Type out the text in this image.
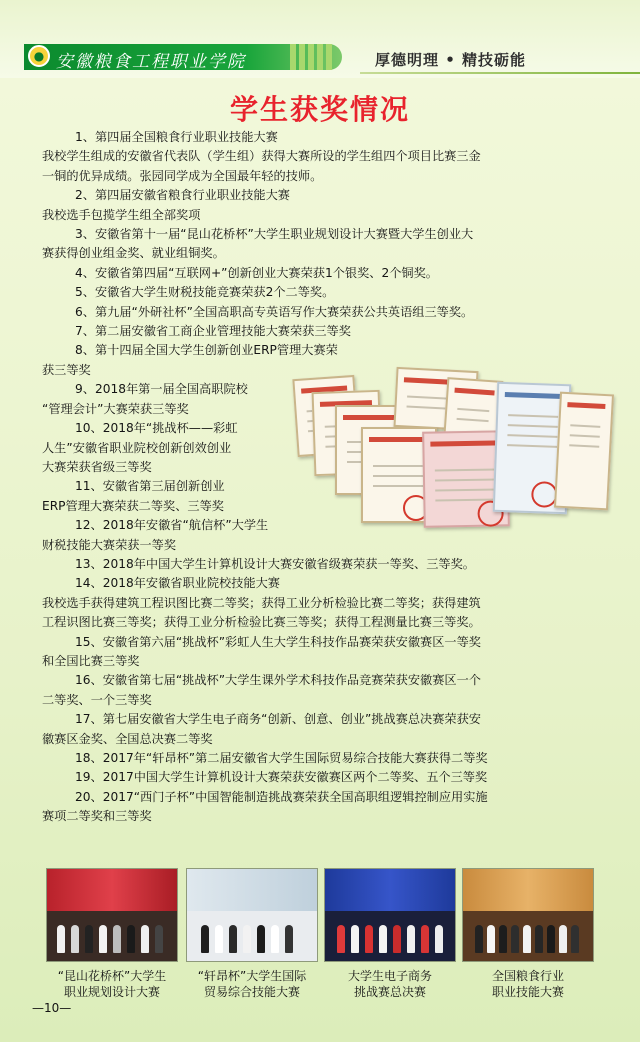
● 安徽粮食工程职业学院	厚德明理 • 精技砺能
学生获奖情况

1、第四届全国粮食行业职业技能大赛

我校学生组成的安徽省代表队（学生组）获得大赛所设的学生组四个项目比赛三金

一铜的优异成绩。张园同学成为全国最年轻的技师。

2、第四届安徽省粮食行业职业技能大赛

我校选手包揽学生组全部奖项

3、安徽省第十一届“昆山花桥杯”大学生职业规划设计大赛暨大学生创业大

赛获得创业组金奖、就业组铜奖。

4、安徽省第四届“互联网+”创新创业大赛荣获1个银奖、2个铜奖。

5、安徽省大学生财税技能竞赛荣获2个二等奖。

6、第九届“外研社杯”全国高职高专英语写作大赛荣获公共英语组三等奖。

7、第二届安徽省工商企业管理技能大赛荣获三等奖

8、第十四届全国大学生创新创业ERP管理大赛荣

获三等奖

9、2018年第一届全国高职院校

“管理会计”大赛荣获三等奖

10、2018年“挑战杯——彩虹

人生”安徽省职业院校创新创效创业

大赛荣获省级三等奖

11、安徽省第三届创新创业

ERP管理大赛荣获二等奖、三等奖

12、2018年安徽省“航信杯”大学生

财税技能大赛荣获一等奖

13、2018年中国大学生计算机设计大赛安徽省级赛荣获一等奖、三等奖。

14、2018年安徽省职业院校技能大赛

我校选手获得建筑工程识图比赛二等奖；获得工业分析检验比赛二等奖；获得建筑

工程识图比赛三等奖；获得工业分析检验比赛三等奖；获得工程测量比赛三等奖。

15、安徽省第六届“挑战杯”彩虹人生大学生科技作品赛荣获安徽赛区一等奖

和全国比赛三等奖

16、安徽省第七届“挑战杯”大学生课外学术科技作品竞赛荣获安徽赛区一个

二等奖、一个三等奖

17、第七届安徽省大学生电子商务“创新、创意、创业”挑战赛总决赛荣获安

徽赛区金奖、全国总决赛二等奖

18、2017年“轩昂杯”第二届安徽省大学生国际贸易综合技能大赛获得二等奖

19、2017中国大学生计算机设计大赛荣获安徽赛区两个二等奖、五个三等奖

20、2017“西门子杯”中国智能制造挑战赛荣获全国高职组逻辑控制应用实施

赛项二等奖和三等奖

“昆山花桥杯”大学生
职业规划设计大赛
“轩昂杯”大学生国际
贸易综合技能大赛
大学生电子商务
挑战赛总决赛
全国粮食行业
职业技能大赛
—10—
